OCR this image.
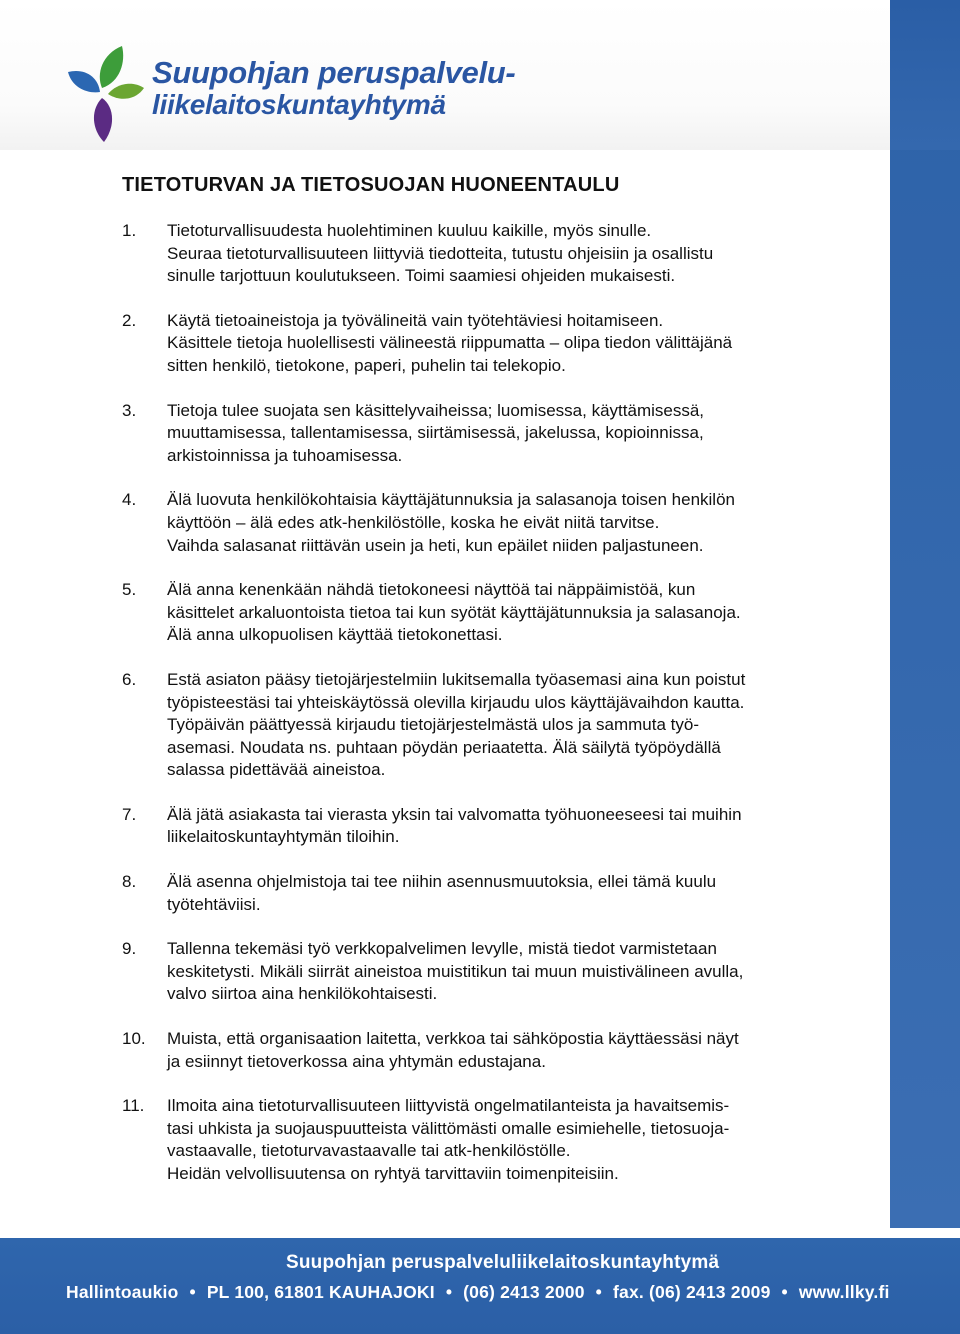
Suupohjan peruspalvelu-
liikelaitoskuntayhtymä
TIETOTURVAN JA TIETOSUOJAN HUONEENTAULU
1.	Tietoturvallisuudesta huolehtiminen kuuluu kaikille, myös sinulle.
Seuraa tietoturvallisuuteen liittyviä tiedotteita, tutustu ohjeisiin ja osallistu
sinulle tarjottuun koulutukseen. Toimi saamiesi ohjeiden mukaisesti.
2.	Käytä tietoaineistoja ja työvälineitä vain työtehtäviesi hoitamiseen.
Käsittele tietoja huolellisesti välineestä riippumatta – olipa tiedon välittäjänä
sitten henkilö, tietokone, paperi, puhelin tai telekopio.
3.	Tietoja tulee suojata sen käsittelyvaiheissa; luomisessa, käyttämisessä,
muuttamisessa, tallentamisessa, siirtämisessä, jakelussa, kopioinnissa,
arkistoinnissa ja tuhoamisessa.
4.	Älä luovuta henkilökohtaisia käyttäjätunnuksia ja salasanoja toisen henkilön
käyttöön – älä edes atk-henkilöstölle, koska he eivät niitä tarvitse.
Vaihda salasanat riittävän usein ja heti, kun epäilet niiden paljastuneen.
5.	Älä anna kenenkään nähdä tietokoneesi näyttöä tai näppäimistöä, kun
käsittelet arkaluontoista tietoa tai kun syötät käyttäjätunnuksia ja salasanoja.
Älä anna ulkopuolisen käyttää tietokonettasi.
6.	Estä asiaton pääsy tietojärjestelmiin lukitsemalla työasemasi aina kun poistut
työpisteestäsi tai yhteiskäytössä olevilla kirjaudu ulos käyttäjävaihdon kautta.
Työpäivän päättyessä kirjaudu tietojärjestelmästä ulos ja sammuta työ-
asemasi. Noudata ns. puhtaan pöydän periaatetta. Älä säilytä työpöydällä
salassa pidettävää aineistoa.
7.	Älä jätä asiakasta tai vierasta yksin tai valvomatta työhuoneeseesi tai muihin
liikelaitoskuntayhtymän tiloihin.
8.	Älä asenna ohjelmistoja tai tee niihin asennusmuutoksia, ellei tämä kuulu
työtehtäviisi.
9.	Tallenna tekemäsi työ verkkopalvelimen levylle, mistä tiedot varmistetaan
keskitetysti. Mikäli siirrät aineistoa muistitikun tai muun muistivälineen avulla,
valvo siirtoa aina henkilökohtaisesti.
10.	Muista, että organisaation laitetta, verkkoa tai sähköpostia käyttäessäsi näyt
ja esiinnyt tietoverkossa aina yhtymän edustajana.
11.	Ilmoita aina tietoturvallisuuteen liittyvistä ongelmatilanteista ja havaitsemis-
tasi uhkista ja suojauspuutteista välittömästi omalle esimiehelle, tietosuoja-
vastaavalle, tietoturvavastaavalle tai atk-henkilöstölle.
Heidän velvollisuutensa on ryhtyä tarvittaviin toimenpiteisiin.
Suupohjan peruspalveluliikelaitoskuntayhtymä
Hallintoaukio • PL 100, 61801 KAUHAJOKI • (06) 2413 2000 • fax. (06) 2413 2009 • www.llky.fi
